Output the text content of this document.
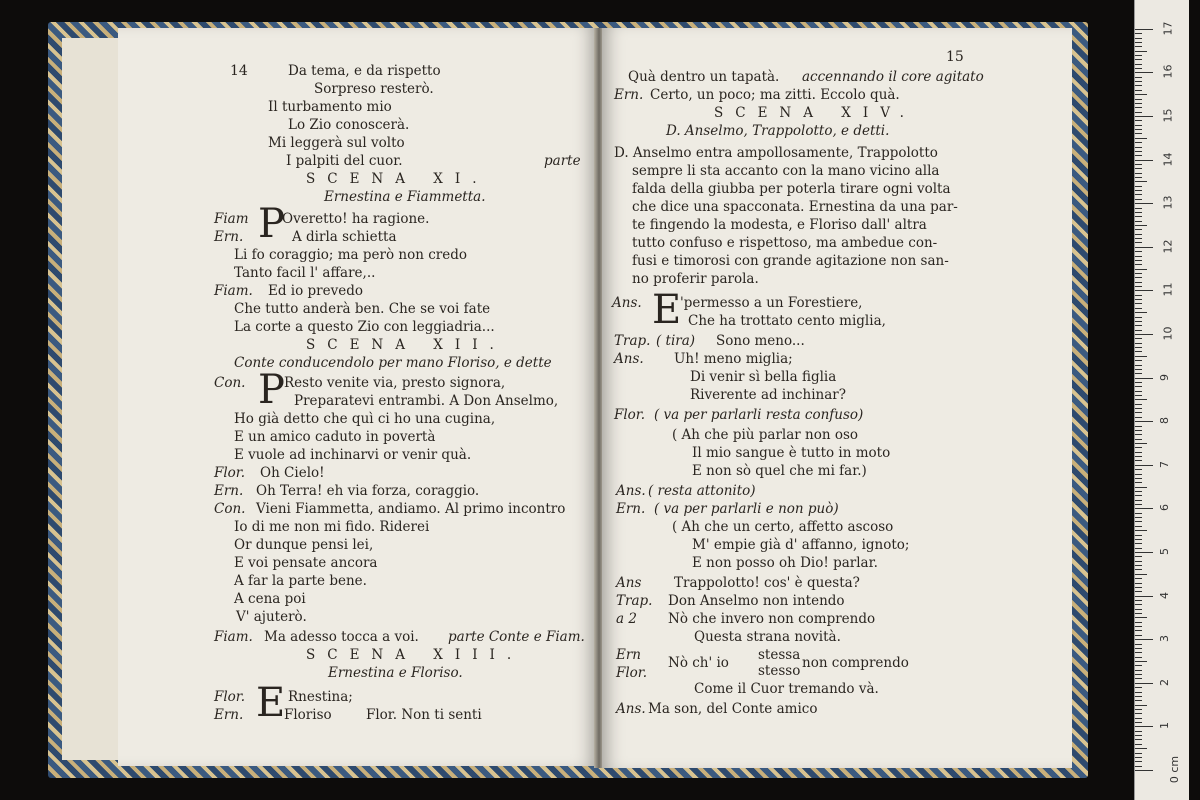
14	Da tema, e da rispetto
Sorpreso resterò.
Il turbamento mio
Lo Zio conoscerà.
Mi leggerà sul volto
I palpiti del cuor.
SCENA XI.
Ernestina e Fiammetta.
Overetto! ha ragione.
A dirla schietta
Li fo coraggio; ma però non credo
Tanto facil l' affare,..
Ed io prevedo
Che tutto anderà ben. Che se voi fate
La corte a questo Zio con leggiadria...
SCENA XII.
Conte conducendolo per mano Floriso, e dette
Resto venite via, presto signora,
Preparatevi entrambi. A Don Anselmo,
Ho già detto che quì ci ho una cugina,
E un amico caduto in povertà
E vuole ad inchinarvi or venir quà.
Oh Cielo!
Oh Terra! eh via forza, coraggio.
Vieni Fiammetta, andiamo. Al primo incontro
Io di me non mi fido. Riderei
Or dunque pensi lei,
E voi pensate ancora
A far la parte bene.
A cena poi
V' ajuterò.
Ma adesso tocca a voi.
SCENA XIII.
Ernestina e Floriso.
Rnestina;
Floriso	Flor. Non ti senti
Fiam
Ern.
Fiam.
Con.
Flor.
Ern.
Con.
Fiam.
Flor.
Ern.
parte
parte Conte e Fiam.
P
P
E
15
Quà dentro un tapatà. accennando il core agitato
Certo, un poco; ma zitti. Eccolo quà.
SCENA XIV.
D. Anselmo, Trappolotto, e detti.
D. Anselmo entra ampollosamente, Trappolotto
sempre li sta accanto con la mano vicino alla
falda della giubba per poterla tirare ogni volta
che dice una spacconata. Ernestina da una par-
te fingendo la modesta, e Floriso dall' altra
tutto confuso e rispettoso, ma ambedue con-
fusi e timorosi con grande agitazione non san-
no proferir parola.
'permesso a un Forestiere,
Che ha trottato cento miglia,
Sono meno...
Uh! meno miglia;
Di venir sì bella figlia
Riverente ad inchinar?
( va per parlarli resta confuso)
( Ah che più parlar non oso
Il mio sangue è tutto in moto
E non sò quel che mi far.)
( resta attonito)
( va per parlarli e non può)
( Ah che un certo, affetto ascoso
M' empie già d' affanno, ignoto;
E non posso oh Dio! parlar.
Trappolotto! cos' è questa?
Don Anselmo non intendo
Nò che invero non comprendo
Questa strana novità.
Nò ch' io stessa
stesso non comprendo
Come il Cuor tremando và.
Ma son, del Conte amico
Ern.
Ans.
Trap. ( tira)
Ans.
Flor.
Ans.
Ern.
Ans
Trap.
a 2
Ern
Flor.
Ans.
E
0 cm
1
2
3
4
5
6
7
8
9
10
11
12
13
14
15
16
17
